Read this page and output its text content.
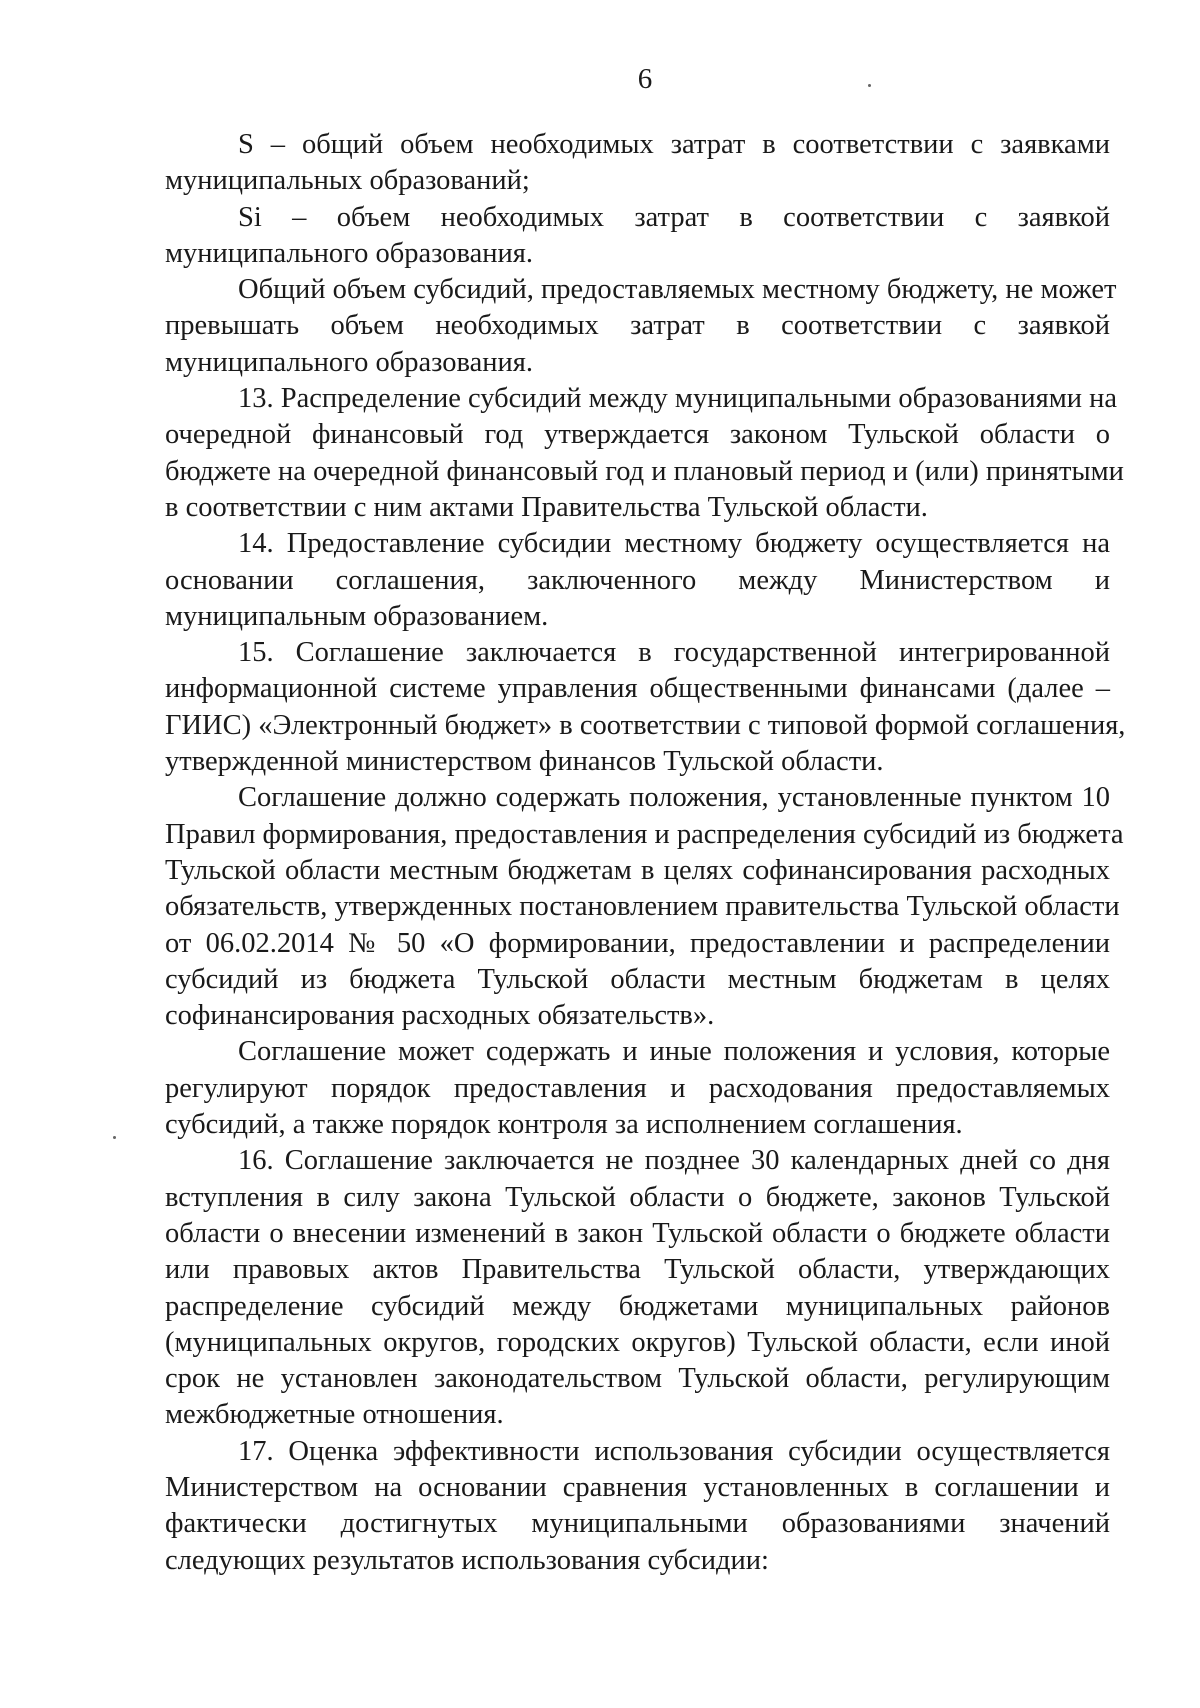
6

S – общий объем необходимых затрат в соответствии с заявками
муниципальных образований;

Si – объем необходимых затрат в соответствии с заявкой
муниципального образования.

Общий объем субсидий, предоставляемых местному бюджету, не может
превышать объем необходимых затрат в соответствии с заявкой
муниципального образования.

13. Распределение субсидий между муниципальными образованиями на
очередной финансовый год утверждается законом Тульской области о
бюджете на очередной финансовый год и плановый период и (или) принятыми
в соответствии с ним актами Правительства Тульской области.

14. Предоставление субсидии местному бюджету осуществляется на
основании соглашения, заключенного между Министерством и
муниципальным образованием.

15. Соглашение заключается в государственной интегрированной
информационной системе управления общественными финансами (далее –
ГИИС) «Электронный бюджет» в соответствии с типовой формой соглашения,
утвержденной министерством финансов Тульской области.

Соглашение должно содержать положения, установленные пунктом 10
Правил формирования, предоставления и распределения субсидий из бюджета
Тульской области местным бюджетам в целях софинансирования расходных
обязательств, утвержденных постановлением правительства Тульской области
от 06.02.2014 № 50 «О формировании, предоставлении и распределении
субсидий из бюджета Тульской области местным бюджетам в целях
софинансирования расходных обязательств».

Соглашение может содержать и иные положения и условия, которые
регулируют порядок предоставления и расходования предоставляемых
субсидий, а также порядок контроля за исполнением соглашения.

16. Соглашение заключается не позднее 30 календарных дней со дня
вступления в силу закона Тульской области о бюджете, законов Тульской
области о внесении изменений в закон Тульской области о бюджете области
или правовых актов Правительства Тульской области, утверждающих
распределение субсидий между бюджетами муниципальных районов
(муниципальных округов, городских округов) Тульской области, если иной
срок не установлен законодательством Тульской области, регулирующим
межбюджетные отношения.

17. Оценка эффективности использования субсидии осуществляется
Министерством на основании сравнения установленных в соглашении и
фактически достигнутых муниципальными образованиями значений
следующих результатов использования субсидии:
